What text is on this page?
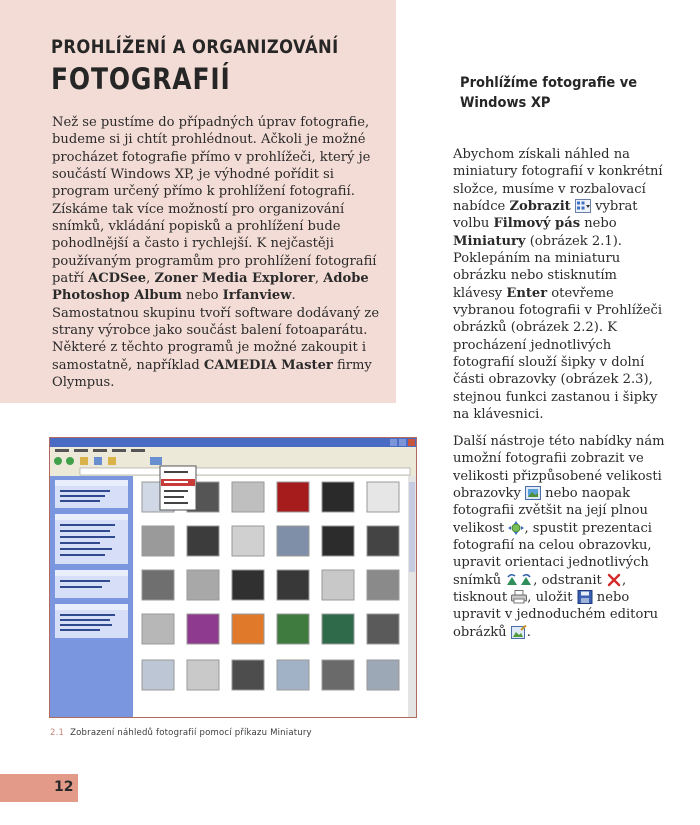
PROHLÍŽENÍ A ORGANIZOVÁNÍ
FOTOGRAFIÍ
Než se pustíme do případných úprav fotografie, budeme si ji chtít prohlédnout. Ačkoli je možné procházet fotografie přímo v prohlížeči, který je součástí Windows XP, je výhodné pořídit si program určený přímo k prohlížení fotografií. Získáme tak více možností pro organizování snímků, vkládání popisků a prohlížení bude pohodlnější a často i rychlejší. K nejčastěji používaným programům pro prohlížení fotografií patří ACDSee, Zoner Media Explorer, Adobe Photoshop Album nebo Irfanview. Samostatnou skupinu tvoří software dodávaný ze strany výrobce jako součást balení fotoaparátu. Některé z těchto programů je možné zakoupit i samostatně, například CAMEDIA Master firmy Olympus.
Prohlížíme fotografie ve Windows XP
Abychom získali náhled na miniatury fotografií v konkrétní složce, musíme v rozbalovací nabídce Zobrazit  vybrat volbu Filmový pás nebo Miniatury (obrázek 2.1). Poklepáním na miniaturu obrázku nebo stisknutím klávesy Enter otevřeme vybranou fotografii v Prohlížeči obrázků (obrázek 2.2). K procházení jednotlivých fotografií slouží šipky v dolní části obrazovky (obrázek 2.3), stejnou funkci zastanou i šipky na klávesnici.
Další nástroje této nabídky nám umožní fotografii zobrazit ve velikosti přizpůsobené velikosti obrazovky  nebo naopak fotografii zvětšit na její plnou velikost , spustit prezentaci fotografií na celou obrazovku, upravit orientaci jednotlivých snímků , odstranit , tisknout , uložit  nebo upravit v jednoduchém editoru obrázků .
2.1 Zobrazení náhledů fotografií pomocí příkazu Miniatury
12
